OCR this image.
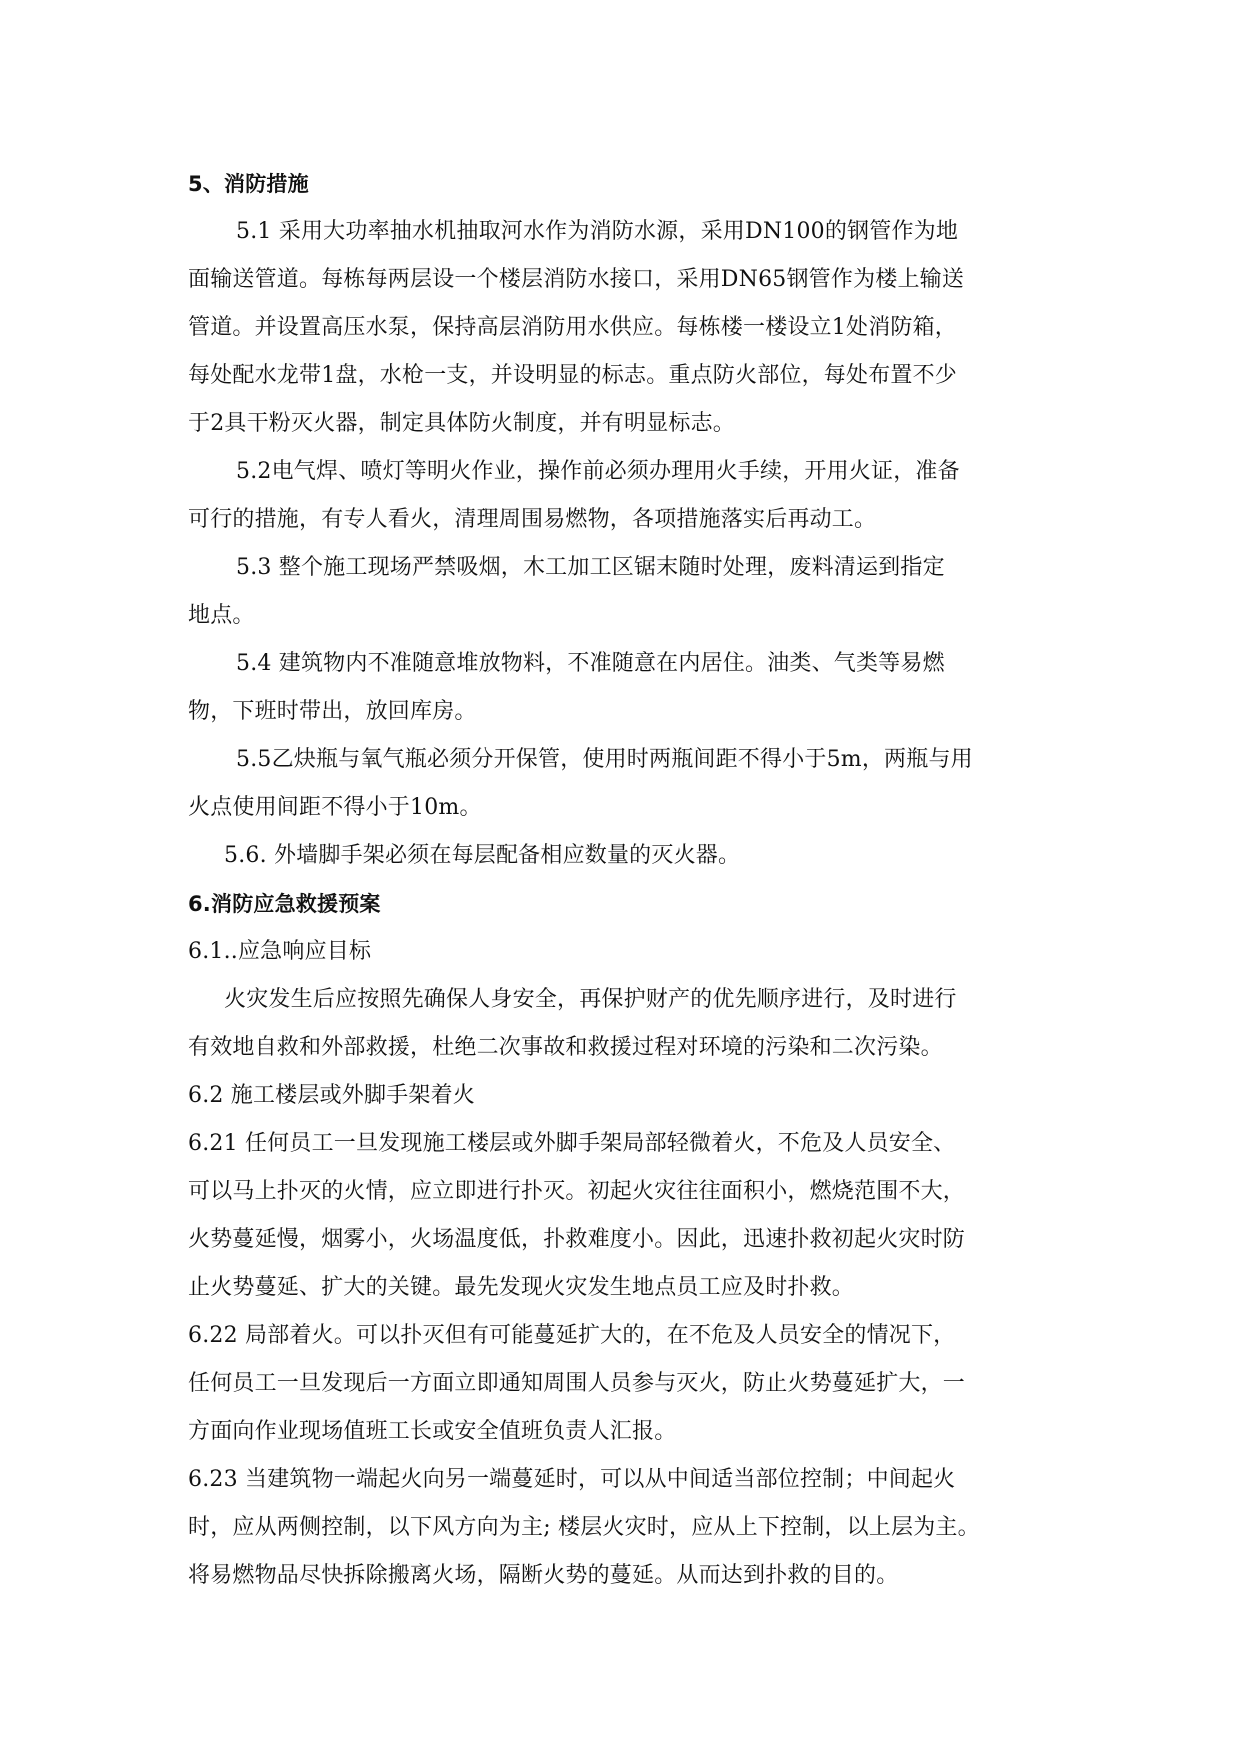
5、消防措施
5.1 采用大功率抽水机抽取河水作为消防水源，采用DN100的钢管作为地
面输送管道。每栋每两层设一个楼层消防水接口，采用DN65钢管作为楼上输送
管道。并设置高压水泵，保持高层消防用水供应。每栋楼一楼设立1处消防箱，
每处配水龙带1盘，水枪一支，并设明显的标志。重点防火部位，每处布置不少
于2具干粉灭火器，制定具体防火制度，并有明显标志。
5.2电气焊、喷灯等明火作业，操作前必须办理用火手续，开用火证，准备
可行的措施，有专人看火，清理周围易燃物，各项措施落实后再动工。
5.3 整个施工现场严禁吸烟，木工加工区锯末随时处理，废料清运到指定
地点。
5.4 建筑物内不准随意堆放物料，不准随意在内居住。油类、气类等易燃
物，下班时带出，放回库房。
5.5乙炔瓶与氧气瓶必须分开保管，使用时两瓶间距不得小于5m，两瓶与用
火点使用间距不得小于10m。
5.6. 外墙脚手架必须在每层配备相应数量的灭火器。
6.消防应急救援预案
6.1..应急响应目标
火灾发生后应按照先确保人身安全，再保护财产的优先顺序进行，及时进行
有效地自救和外部救援，杜绝二次事故和救援过程对环境的污染和二次污染。
6.2 施工楼层或外脚手架着火
6.21 任何员工一旦发现施工楼层或外脚手架局部轻微着火，不危及人员安全、
可以马上扑灭的火情，应立即进行扑灭。初起火灾往往面积小，燃烧范围不大，
火势蔓延慢，烟雾小，火场温度低，扑救难度小。因此，迅速扑救初起火灾时防
止火势蔓延、扩大的关键。最先发现火灾发生地点员工应及时扑救。
6.22 局部着火。可以扑灭但有可能蔓延扩大的，在不危及人员安全的情况下，
任何员工一旦发现后一方面立即通知周围人员参与灭火，防止火势蔓延扩大，一
方面向作业现场值班工长或安全值班负责人汇报。
6.23 当建筑物一端起火向另一端蔓延时，可以从中间适当部位控制；中间起火
时，应从两侧控制，以下风方向为主; 楼层火灾时，应从上下控制，以上层为主。
将易燃物品尽快拆除搬离火场，隔断火势的蔓延。从而达到扑救的目的。
